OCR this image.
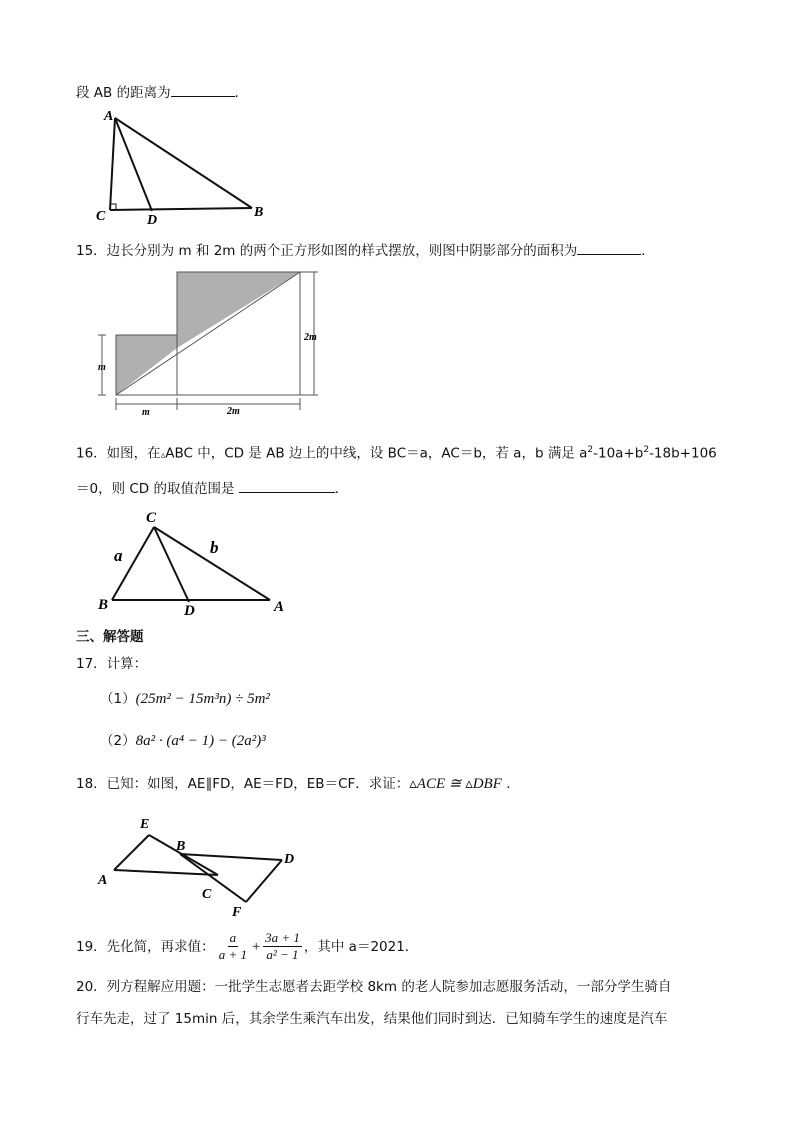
段 AB 的距离为	．
A
C	D
B
15．边长分别为 m 和 2m 的两个正方形如图的样式摆放，则图中阴影部分的面积为	．
m
2m
m	2m
16．如图，在▵ABC 中，CD 是 AB 边上的中线，设 BC＝a，AC＝b，若 a，b 满足 $a^2-10a+b^2-18b+106$
＝0，则 CD 的取值范围是	．
C
B	D	A
a	b
三、解答题
17．计算：
（1）(25m² − 15m³n) ÷ 5m²
（2）8a² · (a⁴ − 1) − (2a²)³
18．已知：如图，AE∥FD，AE＝FD，EB＝CF．求证：▵ACE ≅ ▵DBF ．
E
B
D
A
C
F
19．先化简，再求值： $\frac{a}{a + 1} + \frac{3a + 1}{\text{a² − 1}}$ ，其中 a＝2021．
20．列方程解应用题：一批学生志愿者去距学校 8km 的老人院参加志愿服务活动，一部分学生骑自
行车先走，过了 15min 后，其余学生乘汽车出发，结果他们同时到达．已知骑车学生的速度是汽车
